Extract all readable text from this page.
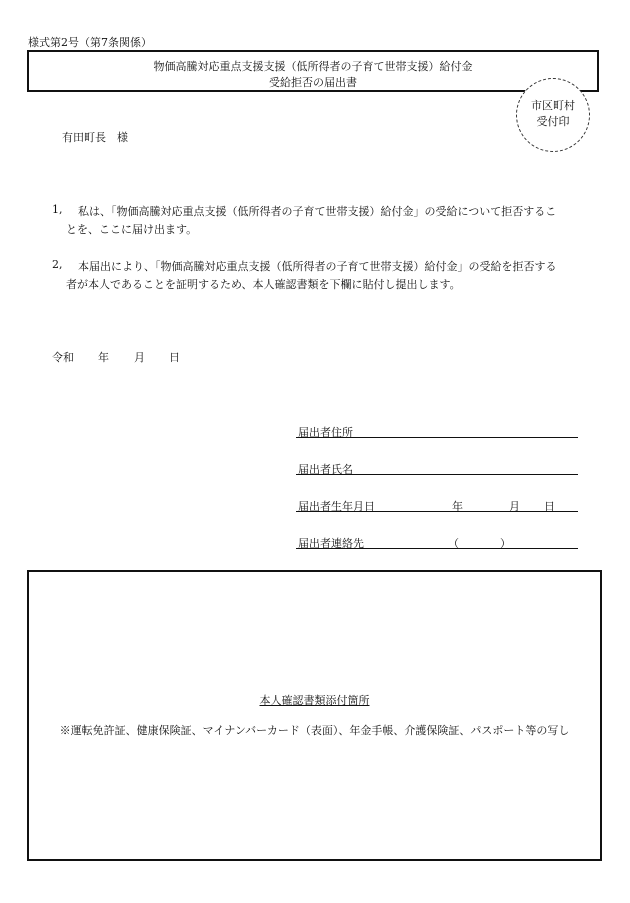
様式第2号（第7条関係）
物価高騰対応重点支援支援（低所得者の子育て世帯支援）給付金
受給拒否の届出書
市区町村
受付印
有田町長　様
1, 私は、「物価高騰対応重点支援（低所得者の子育て世帯支援）給付金」の受給について拒否するこ
とを、ここに届け出ます。
2, 本届出により、「物価高騰対応重点支援（低所得者の子育て世帯支援）給付金」の受給を拒否する
者が本人であることを証明するため、本人確認書類を下欄に貼付し提出します。
令和 年 月 日
届出者住所
届出者氏名
届出者生年月日	年	月 日
届出者連絡先	（	）
本人確認書類添付箇所
※運転免許証、健康保険証、マイナンバーカード（表面）、年金手帳、介護保険証、パスポート等の写し
